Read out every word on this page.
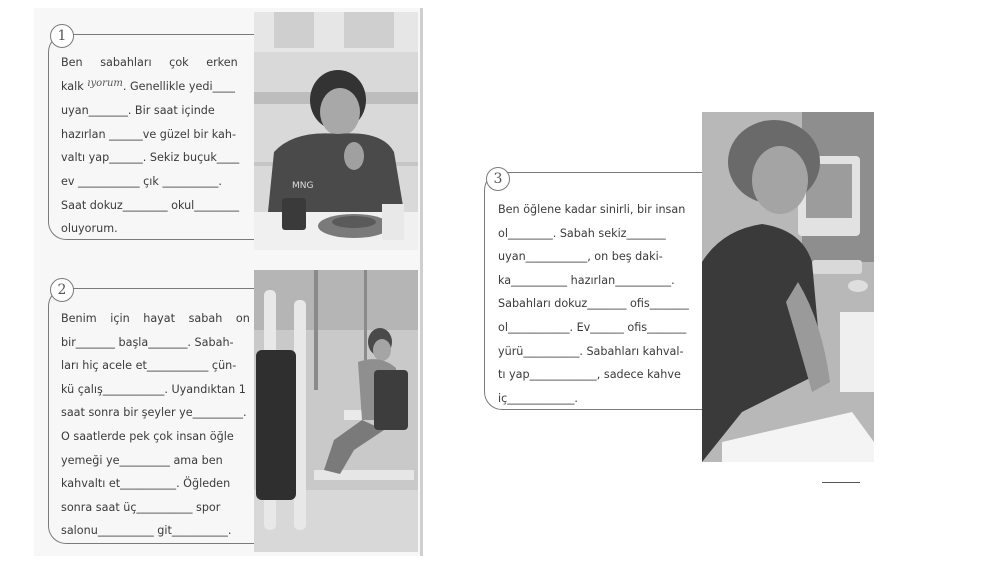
1

Ben sabahları çok erken

kalk ıyorum. Genellikle yedi____

uyan_______. Bir saat içinde

hazırlan ______ve güzel bir kah-

valtı yap______. Sekiz buçuk____

ev ___________ çık __________.

Saat dokuz________ okul________

oluyorum.

MNG
2

Benim için hayat sabah on

bir_______ başla_______. Sabah-

ları hiç acele et___________ çün-

kü çalış___________. Uyandıktan 1

saat sonra bir şeyler ye_________.

O saatlerde pek çok insan öğle

yemeği ye_________ ama ben

kahvaltı et__________. Öğleden

sonra saat üç__________ spor

salonu__________ git__________.

3

Ben öğlene kadar sinirli, bir insan

ol________. Sabah sekiz_______

uyan___________, on beş daki-

ka__________ hazırlan__________.

Sabahları dokuz_______ ofis_______

ol___________. Ev______ ofis_______

yürü__________. Sabahları kahval-

tı yap____________, sadece kahve

iç____________.
